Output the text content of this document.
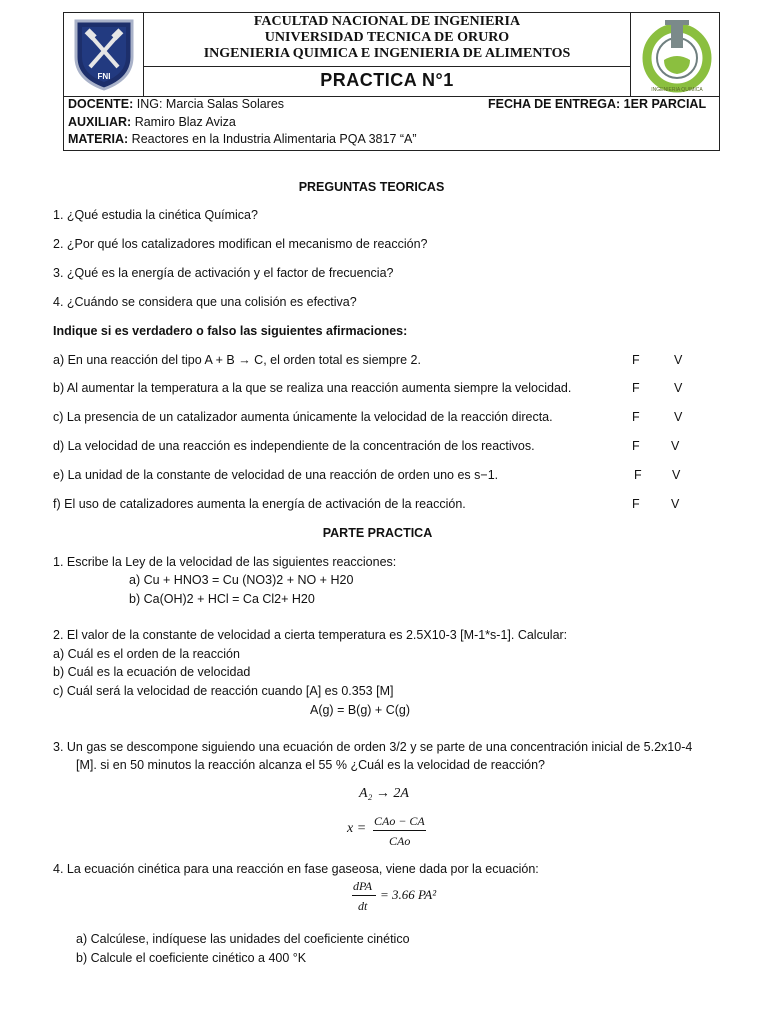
FNI
FACULTAD NACIONAL DE INGENIERIA
UNIVERSIDAD TECNICA DE ORURO
INGENIERIA QUIMICA E INGENIERIA DE ALIMENTOS
PRACTICA N°1	INGENIERIA QUIMICA
DOCENTE: ING: Marcia Salas Solares	FECHA DE ENTREGA: 1ER PARCIAL
AUXILIAR: Ramiro Blaz Aviza
MATERIA: Reactores en la Industria Alimentaria PQA 3817 “A”
PREGUNTAS TEORICAS
1. ¿Qué estudia la cinética Química?
2. ¿Por qué los catalizadores modifican el mecanismo de reacción?
3. ¿Qué es la energía de activación y el factor de frecuencia?
4. ¿Cuándo se considera que una colisión es efectiva?
Indique si es verdadero o falso las siguientes afirmaciones:
a) En una reacción del tipo A + B → C, el orden total es siempre 2.	F	V
b) Al aumentar la temperatura a la que se realiza una reacción aumenta siempre la velocidad.	F	V
c) La presencia de un catalizador aumenta únicamente la velocidad de la reacción directa.	F	V
d) La velocidad de una reacción es independiente de la concentración de los reactivos.	F	V
e) La unidad de la constante de velocidad de una reacción de orden uno es s−1.	F V
f) El uso de catalizadores aumenta la energía de activación de la reacción.	F	V
PARTE PRACTICA
1. Escribe la Ley de la velocidad de las siguientes reacciones:
a) Cu + HNO3 = Cu (NO3)2 + NO + H20
b) Ca(OH)2 + HCl = Ca Cl2+ H20
2. El valor de la constante de velocidad a cierta temperatura es 2.5X10-3 [M-1*s-1]. Calcular:
a) Cuál es el orden de la reacción
b) Cuál es la ecuación de velocidad
c) Cuál será la velocidad de reacción cuando [A] es 0.353 [M]
A(g) = B(g) + C(g)
3. Un gas se descompone siguiendo una ecuación de orden 3/2 y se parte de una concentración inicial de 5.2x10-4
[M]. si en 50 minutos la reacción alcanza el 55 % ¿Cuál es la velocidad de reacción?
A₂ → 2A
x = CAo − CA
CAo
4. La ecuación cinética para una reacción en fase gaseosa, viene dada por la ecuación:
dPA
dt
= 3.66 PA²
a) Calcúlese, indíquese las unidades del coeficiente cinético
b) Calcule el coeficiente cinético a 400 °K
